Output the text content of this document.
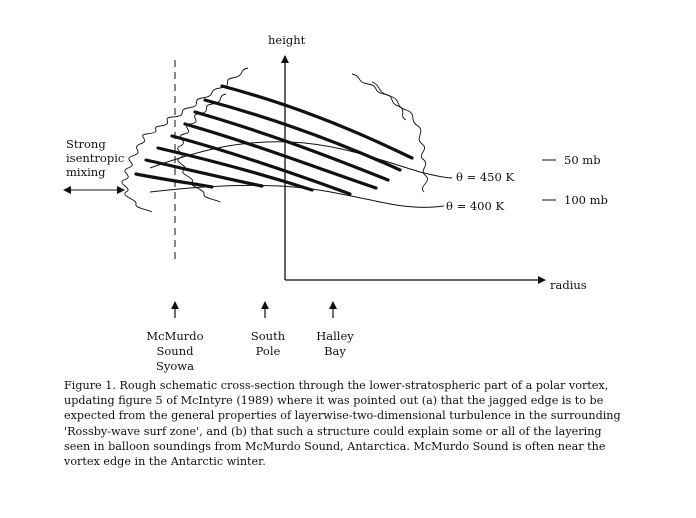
height
radius
θ = 450 K
θ = 400 K
50 mb
100 mb
Strong
isentropic
mixing
McMurdo
Sound
Syowa
South
Pole
Halley
Bay

Figure 1. Rough schematic cross-section through the lower-stratospheric part of a polar vortex,
updating figure 5 of McIntyre (1989) where it was pointed out (a) that the jagged edge is to be
expected from the general properties of layerwise-two-dimensional turbulence in the surrounding
'Rossby-wave surf zone', and (b) that such a structure could explain some or all of the layering
seen in balloon soundings from McMurdo Sound, Antarctica. McMurdo Sound is often near the
vortex edge in the Antarctic winter.
